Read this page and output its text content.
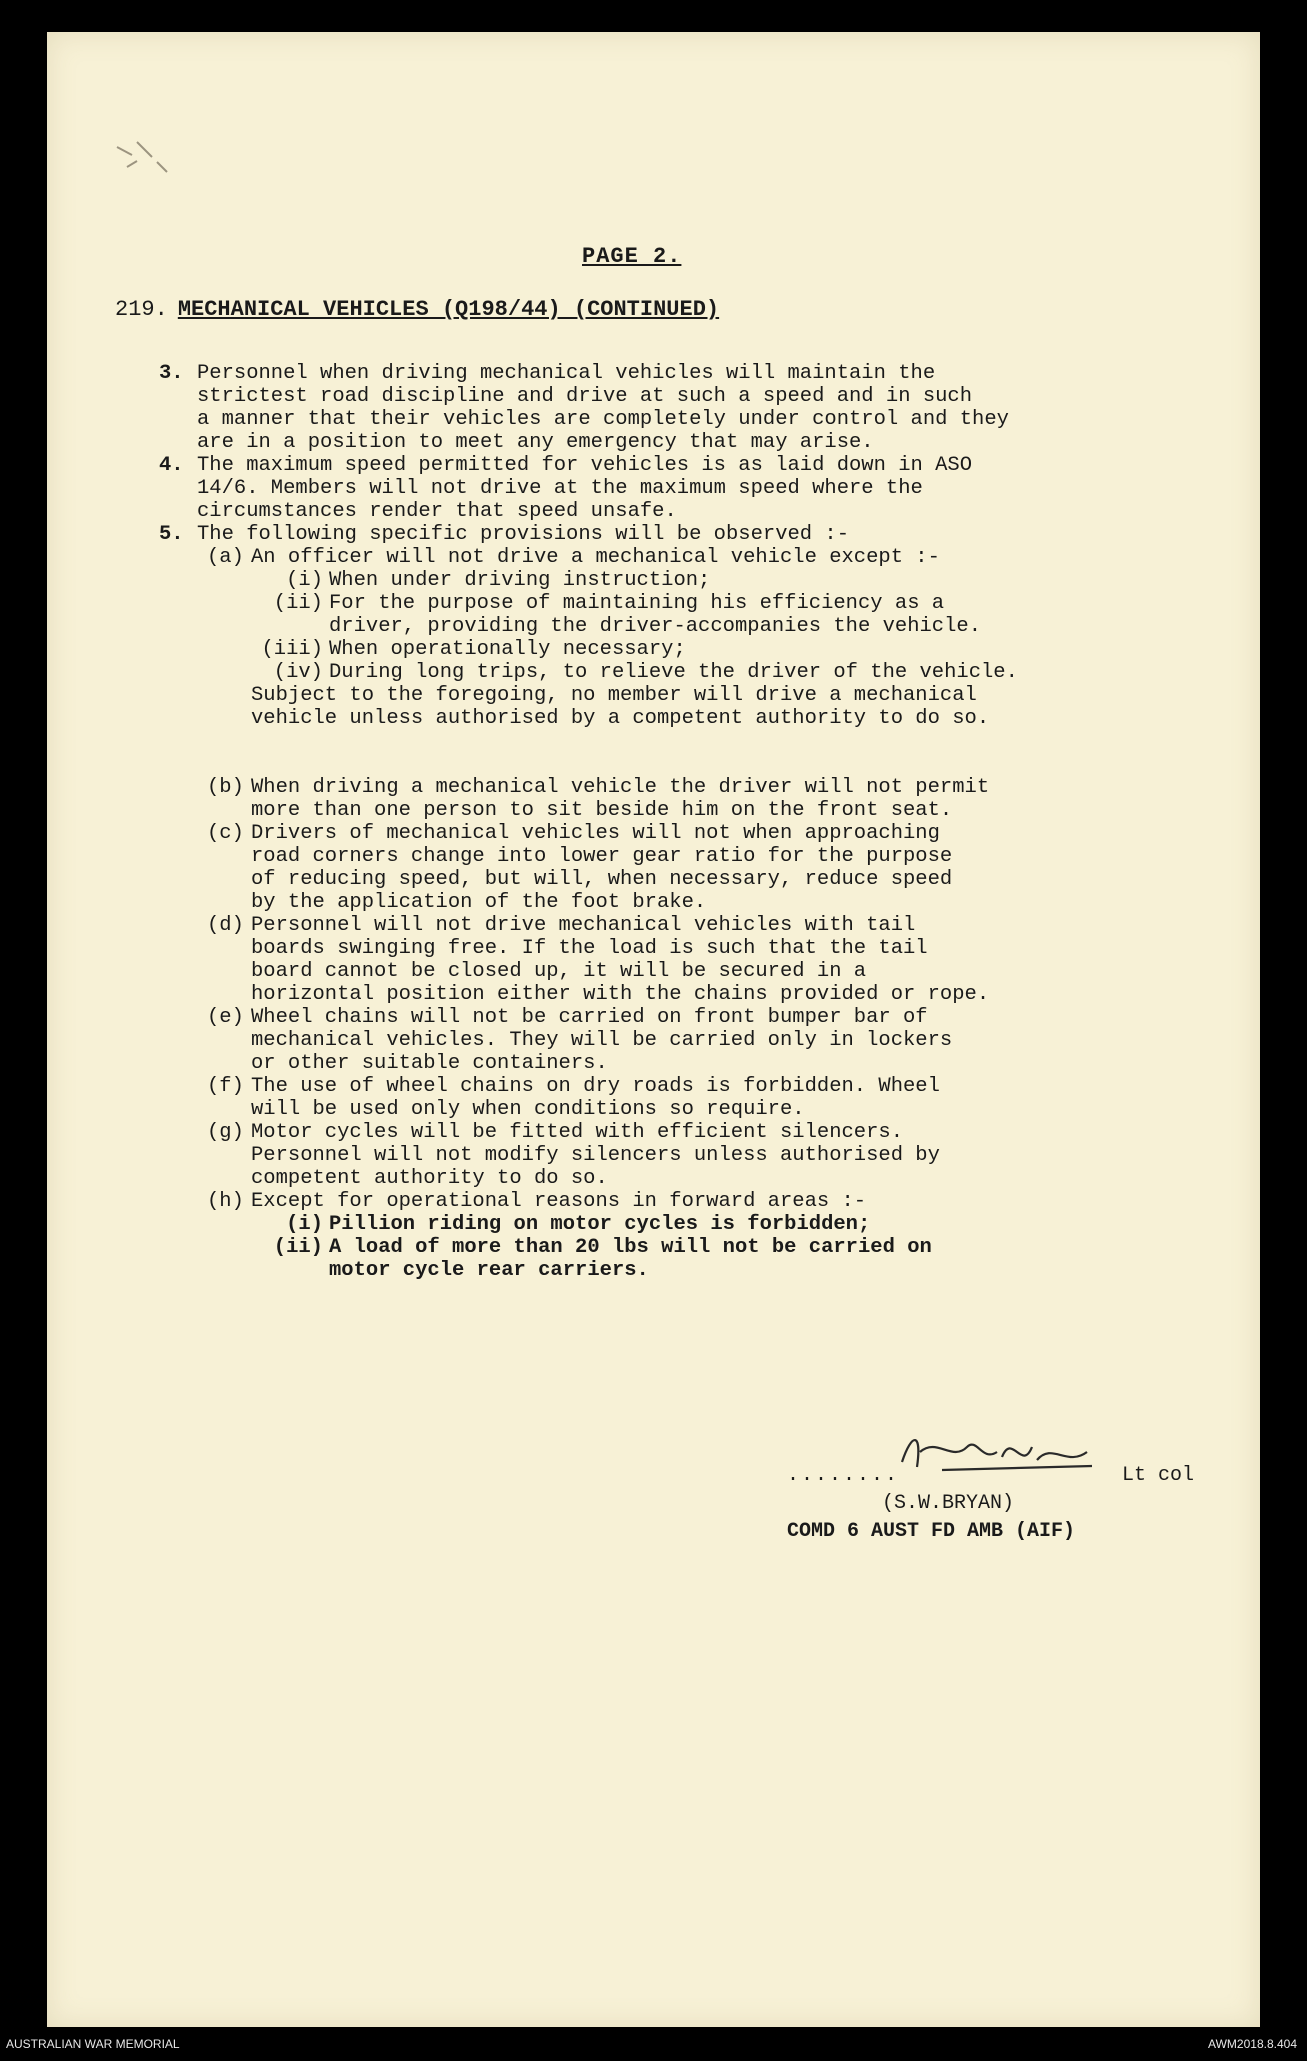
PAGE 2.
219. MECHANICAL VEHICLES (Q198/44) (CONTINUED)
3. Personnel when driving mechanical vehicles will maintain the
strictest road discipline and drive at such a speed and in such
a manner that their vehicles are completely under control and they
are in a position to meet any emergency that may arise.
4. The maximum speed permitted for vehicles is as laid down in ASO
14/6. Members will not drive at the maximum speed where the
circumstances render that speed unsafe.
5. The following specific provisions will be observed :-
(a) An officer will not drive a mechanical vehicle except :-
(i) When under driving instruction;
(ii) For the purpose of maintaining his efficiency as a
driver, providing the driver-accompanies the vehicle.
(iii) When operationally necessary;
(iv) During long trips, to relieve the driver of the vehicle.
Subject to the foregoing, no member will drive a mechanical
vehicle unless authorised by a competent authority to do so.
(b) When driving a mechanical vehicle the driver will not permit
more than one person to sit beside him on the front seat.
(c) Drivers of mechanical vehicles will not when approaching
road corners change into lower gear ratio for the purpose
of reducing speed, but will, when necessary, reduce speed
by the application of the foot brake.
(d) Personnel will not drive mechanical vehicles with tail
boards swinging free. If the load is such that the tail
board cannot be closed up, it will be secured in a
horizontal position either with the chains provided or rope.
(e) Wheel chains will not be carried on front bumper bar of
mechanical vehicles. They will be carried only in lockers
or other suitable containers.
(f) The use of wheel chains on dry roads is forbidden. Wheel
will be used only when conditions so require.
(g) Motor cycles will be fitted with efficient silencers.
Personnel will not modify silencers unless authorised by
competent authority to do so.
(h) Except for operational reasons in forward areas :-
(i) Pillion riding on motor cycles is forbidden;
(ii) A load of more than 20 lbs will not be carried on
motor cycle rear carriers.
........	Lt col
(S.W.BRYAN)
COMD 6 AUST FD AMB (AIF)
AUSTRALIAN WAR MEMORIAL	AWM2018.8.404
